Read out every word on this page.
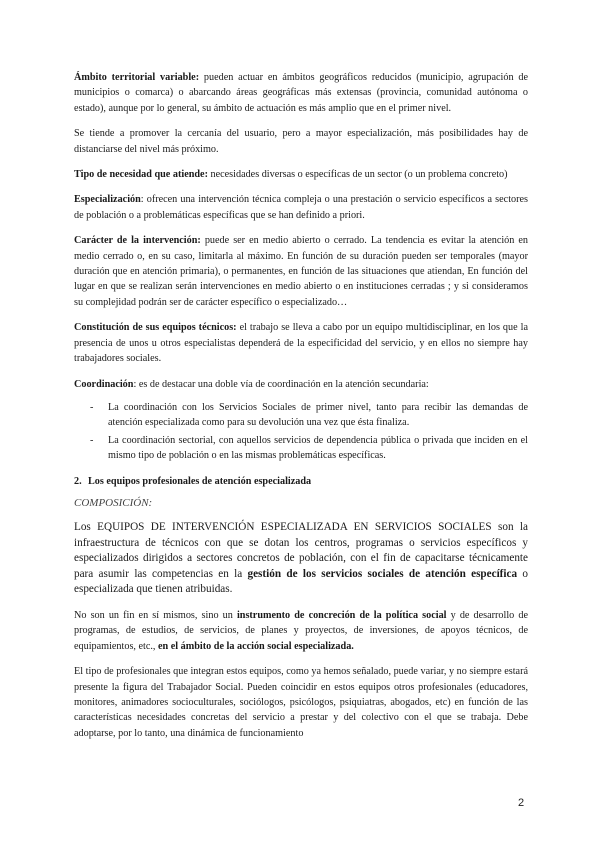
Ámbito territorial variable: pueden actuar en ámbitos geográficos reducidos (municipio, agrupación de municipios o comarca) o abarcando áreas geográficas más extensas (provincia, comunidad autónoma o estado), aunque por lo general, su ámbito de actuación es más amplio que en el primer nivel.

Se tiende a promover la cercanía del usuario, pero a mayor especialización, más posibilidades hay de distanciarse del nivel más próximo.

Tipo de necesidad que atiende: necesidades diversas o específicas de un sector (o un problema concreto)

Especialización: ofrecen una intervención técnica compleja o una prestación o servicio específicos a sectores de población o a problemáticas específicas que se han definido a priori.

Carácter de la intervención: puede ser en medio abierto o cerrado. La tendencia es evitar la atención en medio cerrado o, en su caso, limitarla al máximo. En función de su duración pueden ser temporales (mayor duración que en atención primaria), o permanentes, en función de las situaciones que atiendan, En función del lugar en que se realizan serán intervenciones en medio abierto o en instituciones cerradas ; y si consideramos su complejidad podrán ser de carácter específico o especializado…

Constitución de sus equipos técnicos: el trabajo se lleva a cabo por un equipo multidisciplinar, en los que la presencia de unos u otros especialistas dependerá de la especificidad del servicio, y en ellos no siempre hay trabajadores sociales.

Coordinación: es de destacar una doble vía de coordinación en la atención secundaria:

- La coordinación con los Servicios Sociales de primer nivel, tanto para recibir las demandas de atención especializada como para su devolución una vez que ésta finaliza.
- La coordinación sectorial, con aquellos servicios de dependencia pública o privada que inciden en el mismo tipo de población o en las mismas problemáticas específicas.
2. Los equipos profesionales de atención especializada
COMPOSICIÓN:

Los EQUIPOS DE INTERVENCIÓN ESPECIALIZADA EN SERVICIOS SOCIALES son la infraestructura de técnicos con que se dotan los centros, programas o servicios específicos y especializados dirigidos a sectores concretos de población, con el fin de capacitarse técnicamente para asumir las competencias en la gestión de los servicios sociales de atención específica o especializada que tienen atribuidas.

No son un fin en sí mismos, sino un instrumento de concreción de la política social y de desarrollo de programas, de estudios, de servicios, de planes y proyectos, de inversiones, de apoyos técnicos, de equipamientos, etc., en el ámbito de la acción social especializada.

El tipo de profesionales que integran estos equipos, como ya hemos señalado, puede variar, y no siempre estará presente la figura del Trabajador Social. Pueden coincidir en estos equipos otros profesionales (educadores, monitores, animadores socioculturales, sociólogos, psicólogos, psiquiatras, abogados, etc) en función de las características necesidades concretas del servicio a prestar y del colectivo con el que se trabaja. Debe adoptarse, por lo tanto, una dinámica de funcionamiento

2
